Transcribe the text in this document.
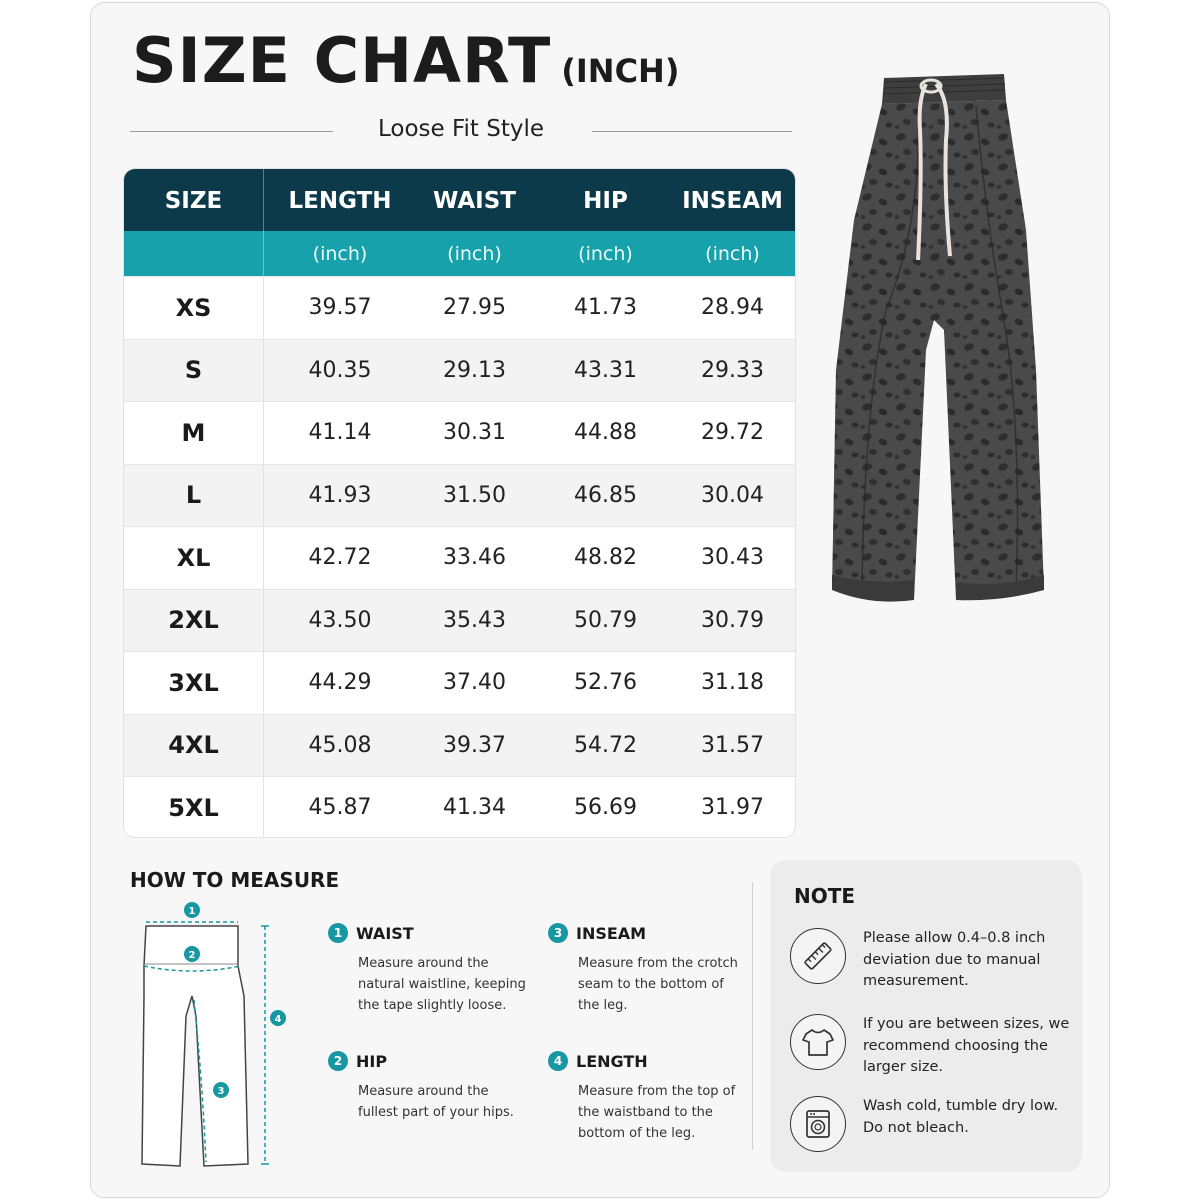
SIZE CHART (INCH)
Loose Fit Style
SIZE	LENGTH	WAIST	HIP	INSEAM
(inch)	(inch)	(inch)	(inch)
XS	39.57	27.95	41.73	28.94
S	40.35	29.13	43.31	29.33
M	41.14	30.31	44.88	29.72
L	41.93	31.50	46.85	30.04
XL	42.72	33.46	48.82	30.43
2XL	43.50	35.43	50.79	30.79
3XL	44.29	37.40	52.76	31.18
4XL	45.08	39.37	54.72	31.57
5XL	45.87	41.34	56.69	31.97
HOW TO MEASURE
1
2
3
4
1 WAIST
Measure around the natural waistline, keeping the tape slightly loose.
2 HIP
Measure around the fullest part of your hips.
3 INSEAM
Measure from the crotch seam to the bottom of the leg.
4 LENGTH
Measure from the top of the waistband to the bottom of the leg.
NOTE
Please allow 0.4–0.8 inch deviation due to manual measurement.
If you are between sizes, we recommend choosing the larger size.
Wash cold, tumble dry low. Do not bleach.
